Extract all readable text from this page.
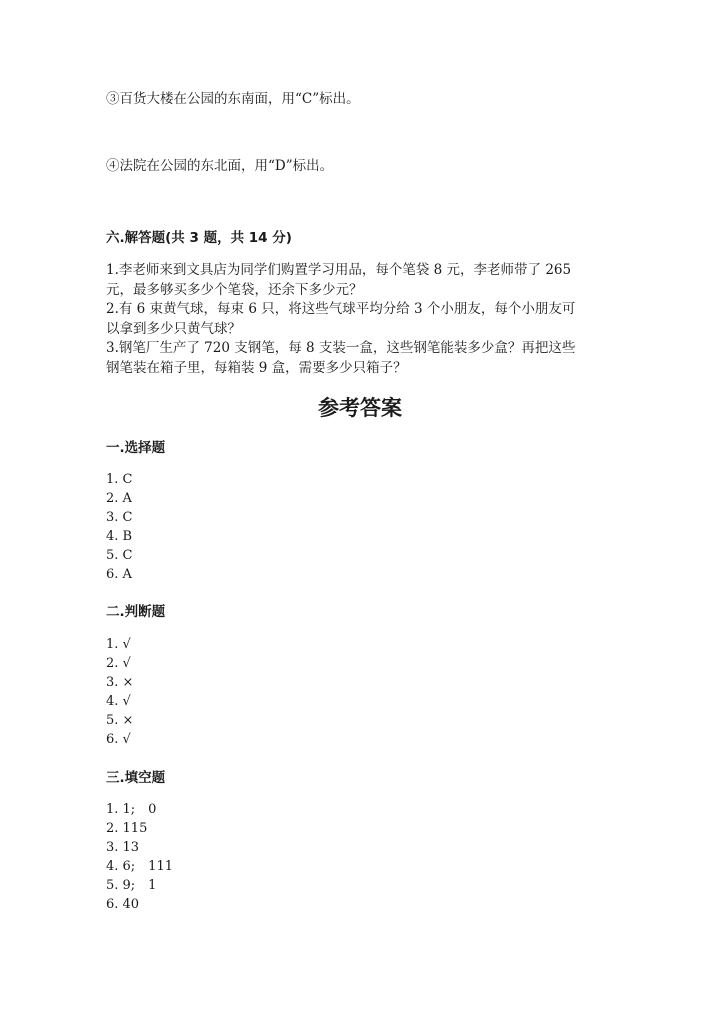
③百货大楼在公园的东南面，用“C”标出。
④法院在公园的东北面，用“D”标出。
六.解答题(共 3 题，共 14 分)
1.李老师来到文具店为同学们购置学习用品，每个笔袋 8 元，李老师带了 265
元，最多够买多少个笔袋，还余下多少元？
2.有 6 束黄气球，每束 6 只，将这些气球平均分给 3 个小朋友，每个小朋友可
以拿到多少只黄气球？
3.钢笔厂生产了 720 支钢笔，每 8 支装一盒，这些钢笔能装多少盒？再把这些
钢笔装在箱子里，每箱装 9 盒，需要多少只箱子？
参考答案
一.选择题
1. C
2. A
3. C
4. B
5. C
6. A
二.判断题
1. √
2. √
3. ×
4. √
5. ×
6. √
三.填空题
1. 1;　0
2. 115
3. 13
4. 6;　111
5. 9;　1
6. 40
